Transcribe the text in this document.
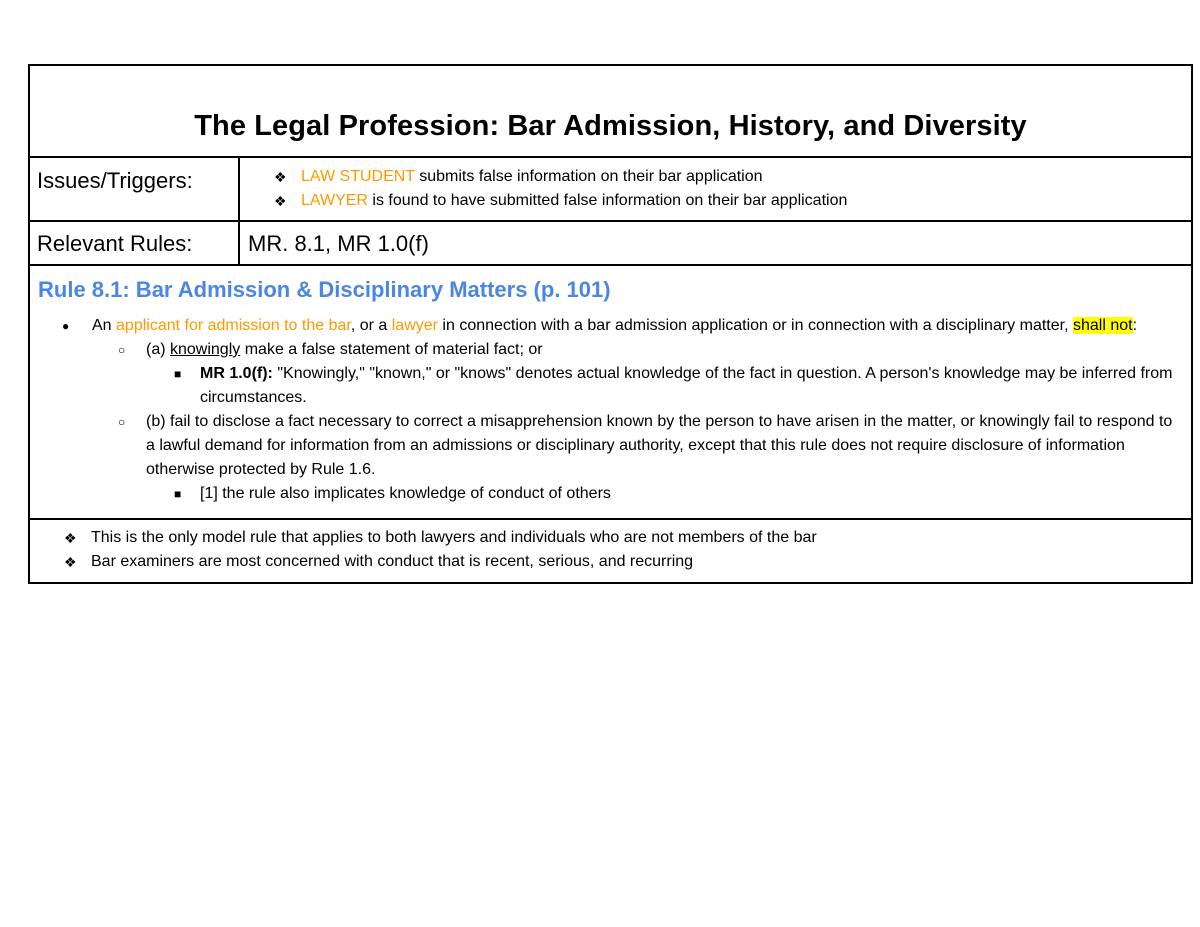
The Legal Profession: Bar Admission, History, and Diversity
Issues/Triggers:	❖ LAW STUDENT submits false information on their bar application
❖ LAWYER is found to have submitted false information on their bar application
Relevant Rules:	MR. 8.1, MR 1.0(f)
Rule 8.1: Bar Admission & Disciplinary Matters (p. 101)
●	An applicant for admission to the bar, or a lawyer in connection with a bar admission application or in connection with a disciplinary matter, shall not:
○	(a) knowingly make a false statement of material fact; or
■	MR 1.0(f): "Knowingly," "known," or "knows" denotes actual knowledge of the fact in question. A person's knowledge may be inferred from circumstances.
○	(b) fail to disclose a fact necessary to correct a misapprehension known by the person to have arisen in the matter, or knowingly fail to respond to a lawful demand for information from an admissions or disciplinary authority, except that this rule does not require disclosure of information otherwise protected by Rule 1.6.
■	[1] the rule also implicates knowledge of conduct of others
❖ This is the only model rule that applies to both lawyers and individuals who are not members of the bar
❖ Bar examiners are most concerned with conduct that is recent, serious, and recurring
